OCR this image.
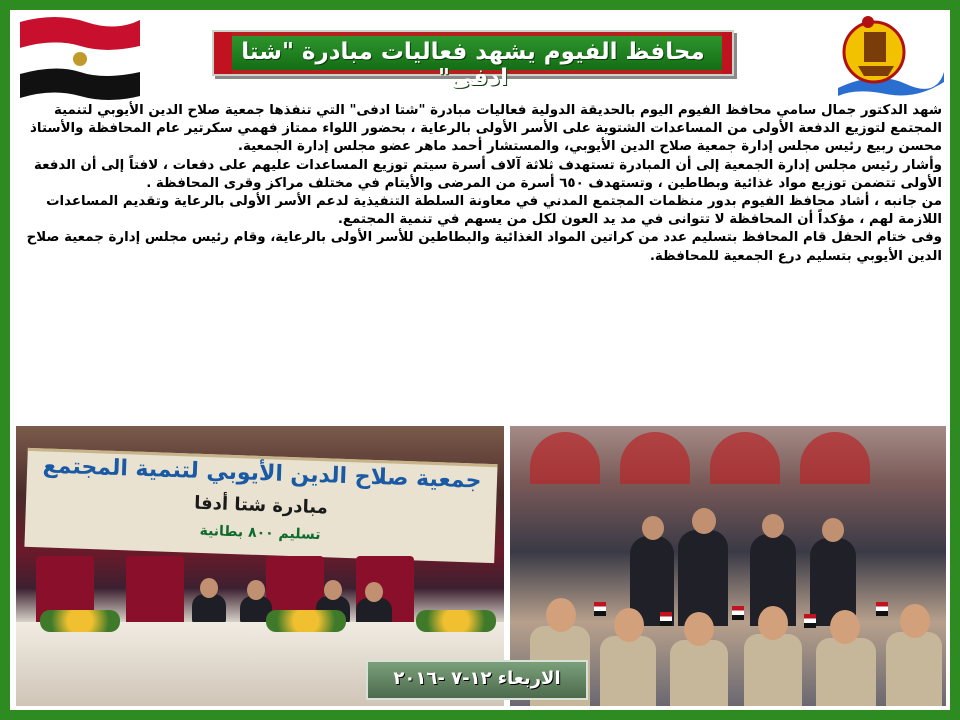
محافظ الفيوم يشهد فعاليات مبادرة "شتا ادفى"

شهد الدكتور جمال سامي محافظ الفيوم اليوم بالحديقة الدولية فعاليات مبادرة "شتا ادفى" التي تنفذها جمعية صلاح الدين الأيوبي لتنمية المجتمع لتوزيع الدفعة الأولى من المساعدات الشتوية على الأسر الأولى بالرعاية ، بحضور اللواء ممتاز فهمي سكرتير عام المحافظة والأستاذ محسن ربيع رئيس مجلس إدارة جمعية صلاح الدين الأيوبي، والمستشار أحمد ماهر عضو مجلس إدارة الجمعية.

وأشار رئيس مجلس إدارة الجمعية إلى أن المبادرة تستهدف ثلاثة آلاف أسرة سيتم توزيع المساعدات عليهم على دفعات ، لافتاً إلى أن الدفعة الأولى تتضمن توزيع مواد غذائية وبطاطين ، وتستهدف ٦٥٠ أسرة من المرضى والأيتام في مختلف مراكز وقرى المحافظة .

من جانبه ، أشاد محافظ الفيوم بدور منظمات المجتمع المدني في معاونة السلطة التنفيذية لدعم الأسر الأولى بالرعاية وتقديم المساعدات اللازمة لهم ، مؤكداً أن المحافظة لا تتوانى في مد يد العون لكل من يسهم في تنمية المجتمع.

وفى ختام الحفل قام المحافظ بتسليم عدد من كراتين المواد الغذائية والبطاطين للأسر الأولى بالرعاية، وقام رئيس مجلس إدارة جمعية صلاح الدين الأيوبي بتسليم درع الجمعية للمحافظة.

جمعية صلاح الدين الأيوبي لتنمية المجتمع
مبادرة شتا أدفا
تسليم ٨٠٠ بطانية
الاربعاء ١٢-٧ -٢٠١٦
